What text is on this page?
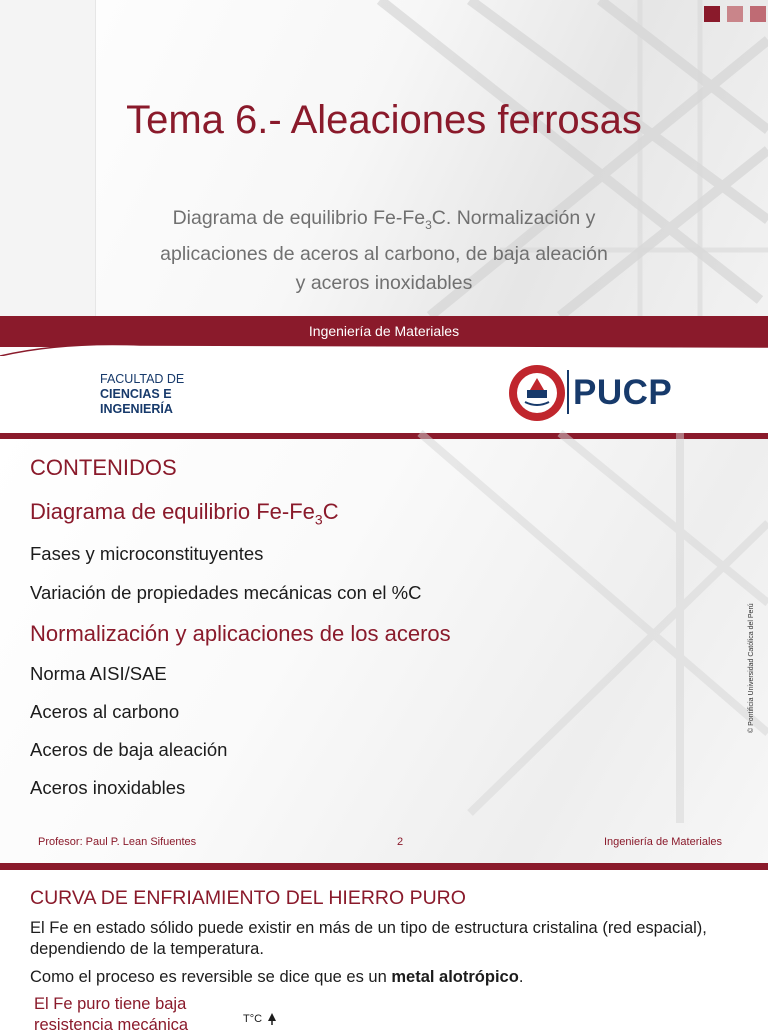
Tema 6.- Aleaciones ferrosas
Diagrama de equilibrio $Fe-Fe_3C$. Normalización y
aplicaciones de aceros al carbono, de baja aleación
y aceros inoxidables
Ingeniería de Materiales
FACULTAD DE
CIENCIAS E
INGENIERÍA	PUCP
CONTENIDOS
Diagrama de equilibrio $Fe-Fe_3C$
Fases y microconstituyentes
Variación de propiedades mecánicas con el %C
Normalización y aplicaciones de los aceros
Norma AISI/SAE
Aceros al carbono
Aceros de baja aleación
Aceros inoxidables
© Pontificia Universidad Católica del Perú
Profesor: Paul P. Lean Sifuentes	2	Ingeniería de Materiales
CURVA DE ENFRIAMIENTO DEL HIERRO PURO
El Fe en estado sólido puede existir en más de un tipo de estructura cristalina (red espacial), dependiendo de la temperatura.
Como el proceso es reversible se dice que es un metal alotrópico.
El Fe puro tiene baja
resistencia mecánica	T°C
